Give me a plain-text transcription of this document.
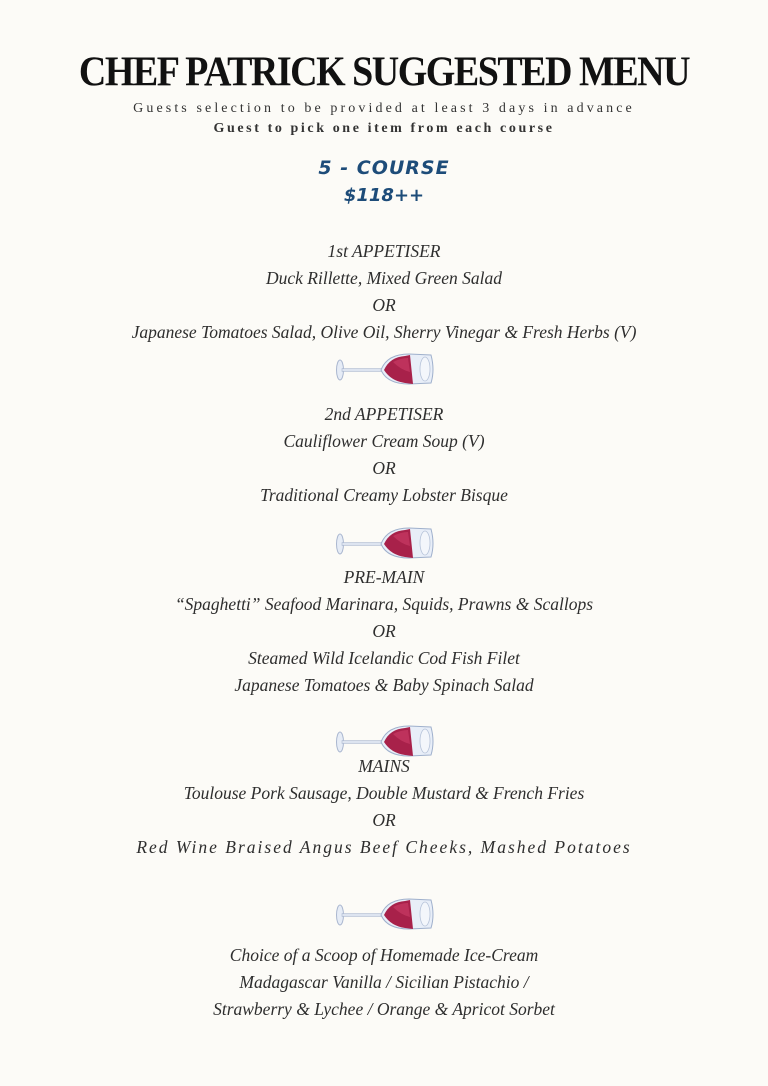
CHEF PATRICK SUGGESTED MENU
Guests selection to be provided at least 3 days in advance
Guest to pick one item from each course
5 - COURSE
$118++
1st APPETISER
Duck Rillette, Mixed Green Salad
OR
Japanese Tomatoes Salad, Olive Oil, Sherry Vinegar & Fresh Herbs (V)
2nd APPETISER
Cauliflower Cream Soup (V)
OR
Traditional Creamy Lobster Bisque
PRE-MAIN
“Spaghetti” Seafood Marinara, Squids, Prawns & Scallops
OR
Steamed Wild Icelandic Cod Fish Filet
Japanese Tomatoes & Baby Spinach Salad
MAINS
Toulouse Pork Sausage, Double Mustard & French Fries
OR
Red Wine Braised Angus Beef Cheeks, Mashed Potatoes
Choice of a Scoop of Homemade Ice-Cream
Madagascar Vanilla / Sicilian Pistachio /
Strawberry & Lychee / Orange & Apricot Sorbet
